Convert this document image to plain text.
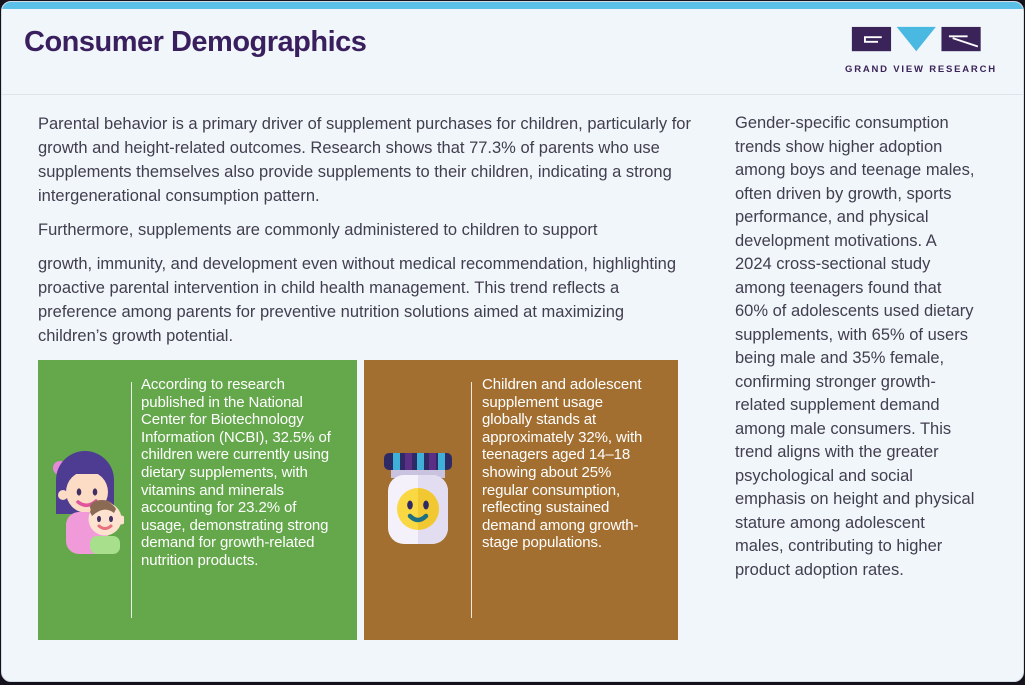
Consumer Demographics
GRAND VIEW RESEARCH

Parental behavior is a primary driver of supplement purchases for children, particularly for growth and height-related outcomes. Research shows that 77.3% of parents who use supplements themselves also provide supplements to their children, indicating a strong intergenerational consumption pattern.

Furthermore, supplements are commonly administered to children to support

growth, immunity, and development even without medical recommendation, highlighting proactive parental intervention in child health management. This trend reflects a preference among parents for preventive nutrition solutions aimed at maximizing children’s growth potential.

Gender-specific consumption trends show higher adoption among boys and teenage males, often driven by growth, sports performance, and physical development motivations. A 2024 cross-sectional study among teenagers found that 60% of adolescents used dietary supplements, with 65% of users being male and 35% female, confirming stronger growth-related supplement demand among male consumers. This trend aligns with the greater psychological and social emphasis on height and physical stature among adolescent males, contributing to higher product adoption rates.

According to research published in the National Center for Biotechnology Information (NCBI), 32.5% of children were currently using dietary supplements, with vitamins and minerals accounting for 23.2% of usage, demonstrating strong demand for growth-related nutrition products.
Children and adolescent supplement usage globally stands at approximately 32%, with teenagers aged 14–18 showing about 25% regular consumption, reflecting sustained demand among growth-stage populations.
